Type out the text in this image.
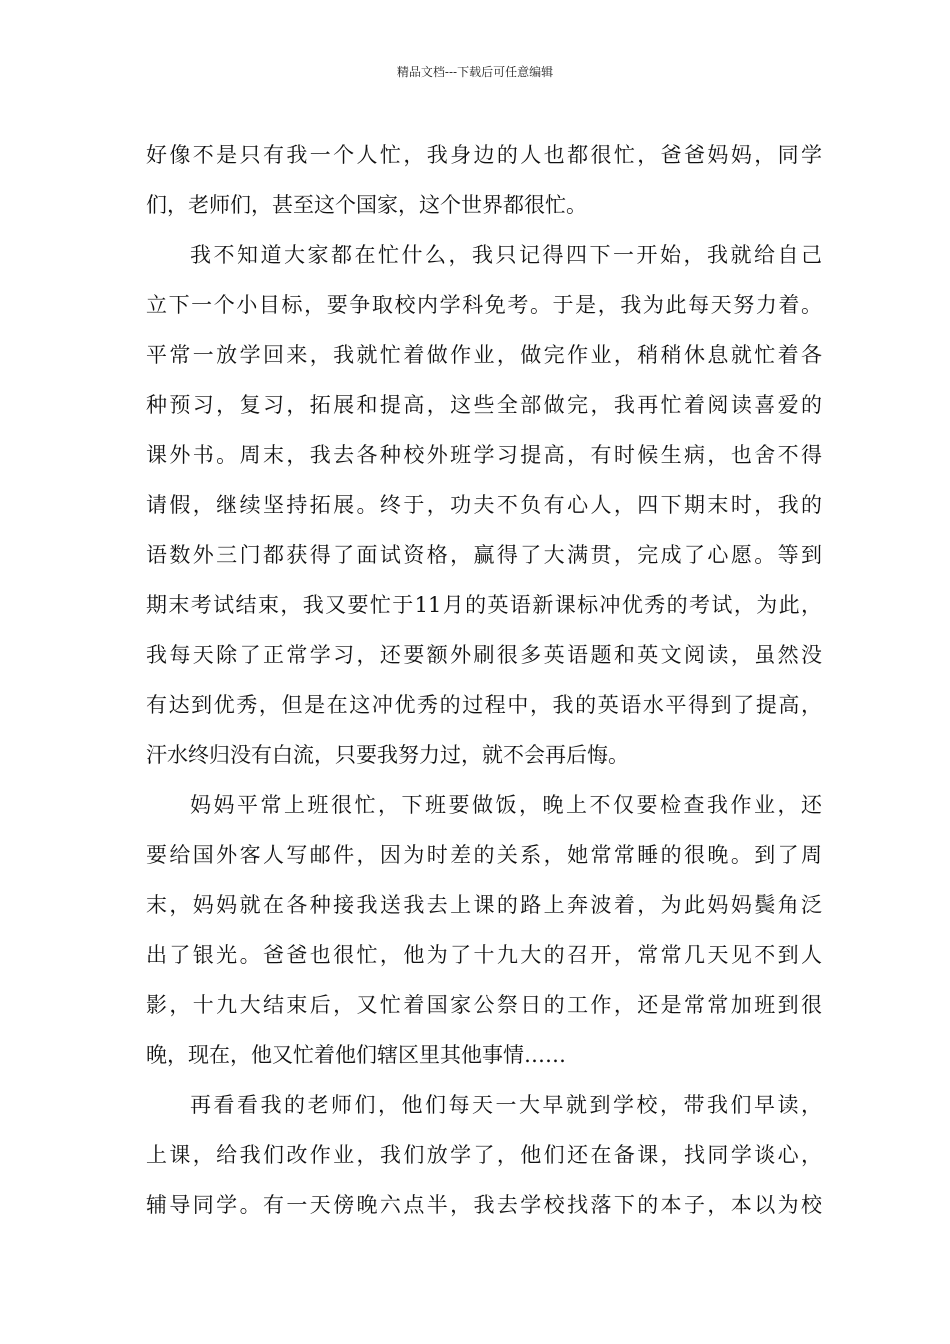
精品文档---下载后可任意编辑
好像不是只有我一个人忙，我身边的人也都很忙，爸爸妈妈，同学
们，老师们，甚至这个国家，这个世界都很忙。
我不知道大家都在忙什么，我只记得四下一开始，我就给自己
立下一个小目标，要争取校内学科免考。于是，我为此每天努力着。
平常一放学回来，我就忙着做作业，做完作业，稍稍休息就忙着各
种预习，复习，拓展和提高，这些全部做完，我再忙着阅读喜爱的
课外书。周末，我去各种校外班学习提高，有时候生病，也舍不得
请假，继续坚持拓展。终于，功夫不负有心人，四下期末时，我的
语数外三门都获得了面试资格，赢得了大满贯，完成了心愿。等到
期末考试结束，我又要忙于11月的英语新课标冲优秀的考试，为此，
我每天除了正常学习，还要额外刷很多英语题和英文阅读，虽然没
有达到优秀，但是在这冲优秀的过程中，我的英语水平得到了提高，
汗水终归没有白流，只要我努力过，就不会再后悔。
妈妈平常上班很忙，下班要做饭，晚上不仅要检查我作业，还
要给国外客人写邮件，因为时差的关系，她常常睡的很晚。到了周
末，妈妈就在各种接我送我去上课的路上奔波着，为此妈妈鬓角泛
出了银光。爸爸也很忙，他为了十九大的召开，常常几天见不到人
影，十九大结束后，又忙着国家公祭日的工作，还是常常加班到很
晚，现在，他又忙着他们辖区里其他事情……
再看看我的老师们，他们每天一大早就到学校，带我们早读，
上课，给我们改作业，我们放学了，他们还在备课，找同学谈心，
辅导同学。有一天傍晚六点半，我去学校找落下的本子，本以为校
